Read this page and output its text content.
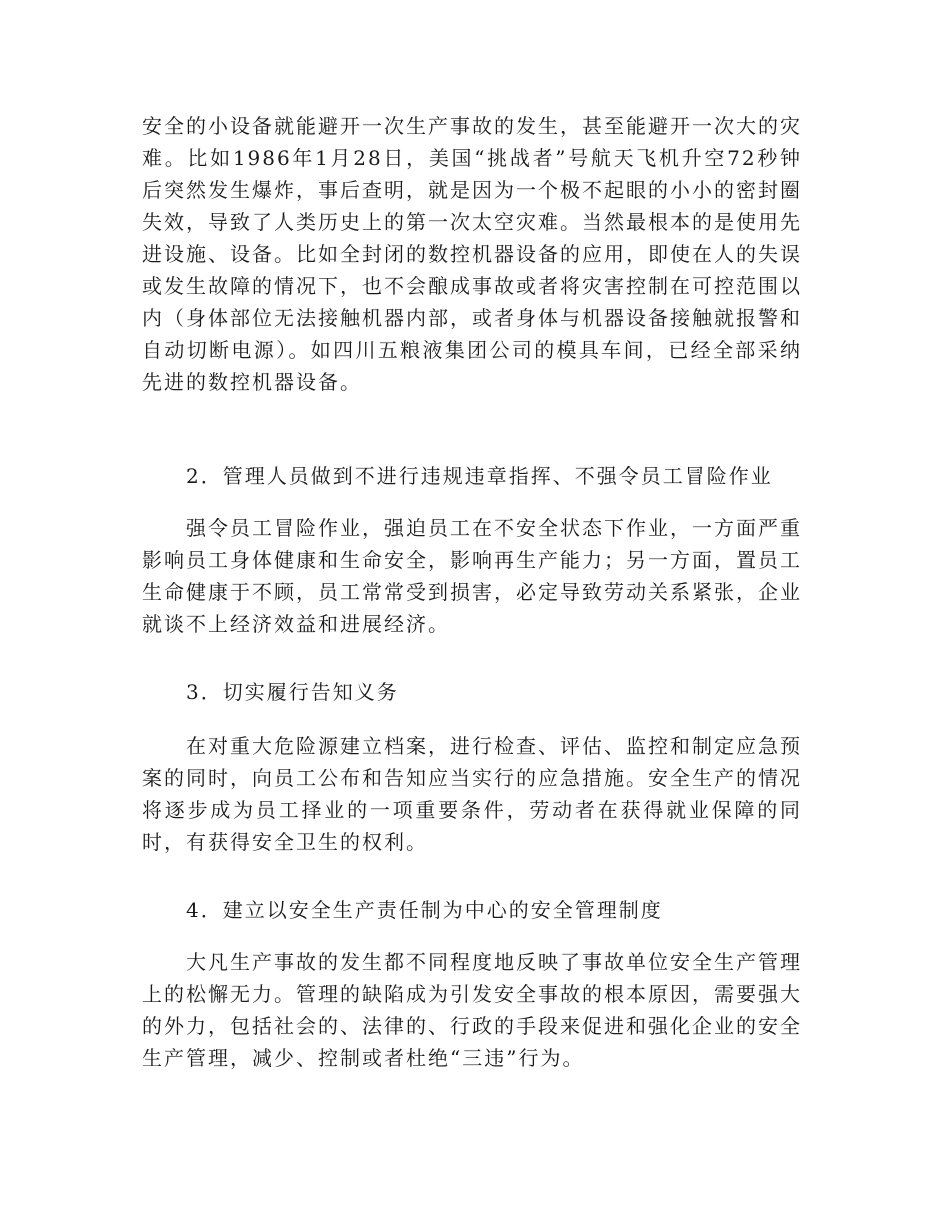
安全的小设备就能避开一次生产事故的发生，甚至能避开一次大的灾难。比如1986年1月28日，美国“挑战者”号航天飞机升空72秒钟后突然发生爆炸，事后查明，就是因为一个极不起眼的小小的密封圈失效，导致了人类历史上的第一次太空灾难。当然最根本的是使用先进设施、设备。比如全封闭的数控机器设备的应用，即使在人的失误或发生故障的情况下，也不会酿成事故或者将灾害控制在可控范围以内（身体部位无法接触机器内部，或者身体与机器设备接触就报警和自动切断电源）。如四川五粮液集团公司的模具车间，已经全部采纳先进的数控机器设备。

2．管理人员做到不进行违规违章指挥、不强令员工冒险作业

强令员工冒险作业，强迫员工在不安全状态下作业，一方面严重影响员工身体健康和生命安全，影响再生产能力；另一方面，置员工生命健康于不顾，员工常常受到损害，必定导致劳动关系紧张，企业就谈不上经济效益和进展经济。

3．切实履行告知义务

在对重大危险源建立档案，进行检查、评估、监控和制定应急预案的同时，向员工公布和告知应当实行的应急措施。安全生产的情况将逐步成为员工择业的一项重要条件，劳动者在获得就业保障的同时，有获得安全卫生的权利。

4．建立以安全生产责任制为中心的安全管理制度

大凡生产事故的发生都不同程度地反映了事故单位安全生产管理上的松懈无力。管理的缺陷成为引发安全事故的根本原因，需要强大的外力，包括社会的、法律的、行政的手段来促进和强化企业的安全生产管理，减少、控制或者杜绝“三违”行为。
